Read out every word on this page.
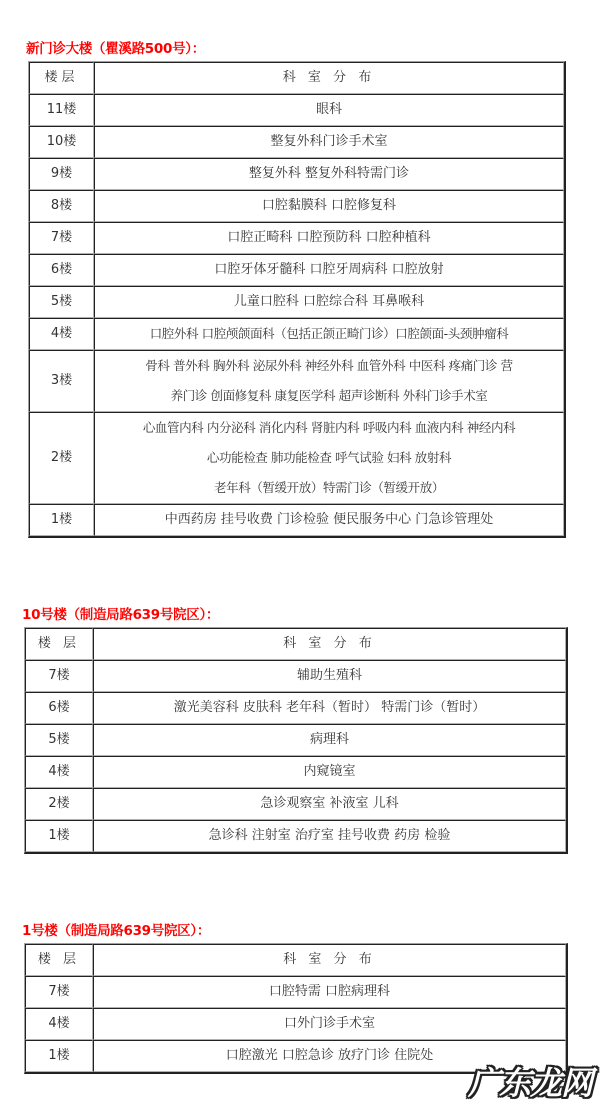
新门诊大楼（瞿溪路500号）：
楼层	科 室 分 布
11楼	眼科

10楼	整复外科门诊手术室

9楼	整复外科 整复外科特需门诊

8楼	口腔黏膜科 口腔修复科

7楼	口腔正畸科 口腔预防科 口腔种植科

6楼	口腔牙体牙髓科 口腔牙周病科 口腔放射

5楼	儿童口腔科 口腔综合科 耳鼻喉科

4楼	口腔外科 口腔颅颌面科（包括正颌正畸门诊）口腔颌面-头颈肿瘤科

3楼	骨科 普外科 胸外科 泌尿外科 神经外科 血管外科 中医科 疼痛门诊 营
养门诊 创面修复科 康复医学科 超声诊断科 外科门诊手术室

2楼	心血管内科 内分泌科 消化内科 肾脏内科 呼吸内科 血液内科 神经内科
心功能检查 肺功能检查 呼气试验 妇科 放射科
老年科（暂缓开放）特需门诊（暂缓开放）

1楼	中西药房 挂号收费 门诊检验 便民服务中心 门急诊管理处
10号楼（制造局路639号院区）：
楼 层	科 室 分 布
7楼	辅助生殖科

6楼	激光美容科 皮肤科 老年科（暂时） 特需门诊（暂时）

5楼	病理科

4楼	内窥镜室

2楼	急诊观察室 补液室 儿科

1楼	急诊科 注射室 治疗室 挂号收费 药房 检验
1号楼（制造局路639号院区）：
楼 层	科 室 分 布
7楼	口腔特需 口腔病理科

4楼	口外门诊手术室

1楼	口腔激光 口腔急诊 放疗门诊 住院处
广东龙网
